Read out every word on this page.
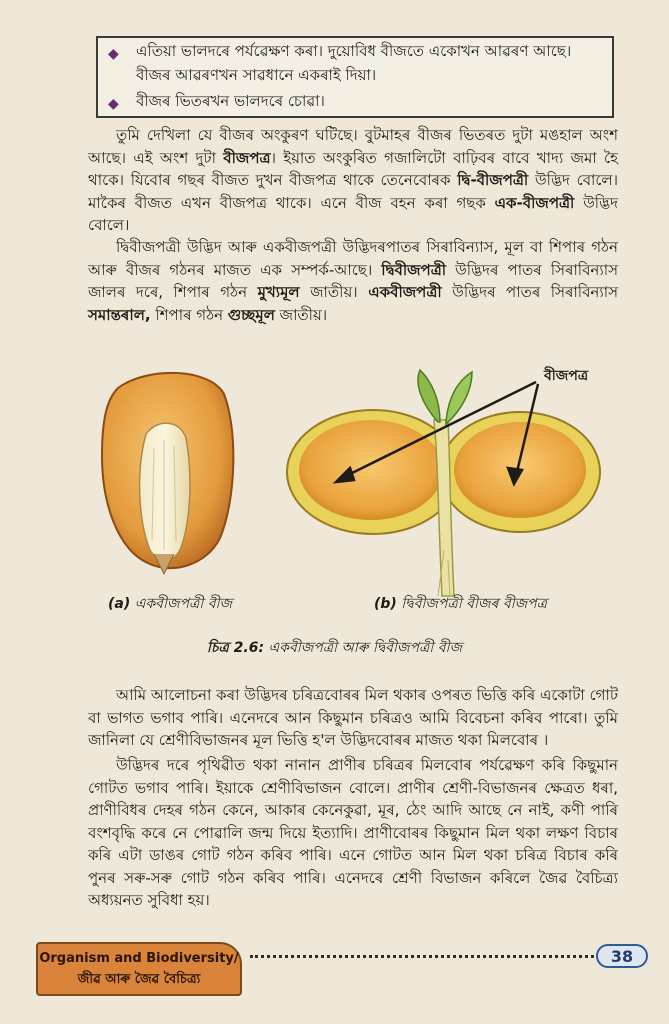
◆	এতিয়া ভালদৰে পৰ্যৱেক্ষণ কৰা। দুয়োবিধ বীজতে একোখন আৱৰণ আছে।
বীজৰ আৱৰণখন সাৱধানে একৰাই দিয়া।
◆	বীজৰ ভিতৰখন ভালদৰে চোৱা।

তুমি দেখিলা যে বীজৰ অংকুৰণ ঘটিছে। বুটমাহৰ বীজৰ ভিতৰত দুটা মঙহাল অংশ আছে। এই অংশ দুটা বীজপত্ৰ। ইয়াত অংকুৰিত গজালিটো বাঢ়িবৰ বাবে খাদ্য জমা হৈ থাকে। যিবোৰ গছৰ বীজত দুখন বীজপত্ৰ থাকে তেনেবোৰক দ্বি-বীজপত্ৰী উদ্ভিদ বোলে। মাকৈৰ বীজত এখন বীজপত্ৰ থাকে। এনে বীজ বহন কৰা গছক এক-বীজপত্ৰী উদ্ভিদ বোলে।

দ্বিবীজপত্ৰী উদ্ভিদ আৰু একবীজপত্ৰী উদ্ভিদৰপাতৰ সিৰাবিন্যাস, মূল বা শিপাৰ গঠন আৰু বীজৰ গঠনৰ মাজত এক সম্পৰ্ক-আছে। দ্বিবীজপত্ৰী উদ্ভিদৰ পাতৰ সিৰাবিন্যাস জালৰ দৰে, শিপাৰ গঠন মুখ্যমূল জাতীয়। একবীজপত্ৰী উদ্ভিদৰ পাতৰ সিৰাবিন্যাস সমান্তৰাল, শিপাৰ গঠন গুচ্ছমূল জাতীয়।

বীজপত্ৰ
(a) একবীজপত্ৰী বীজ	(b) দ্বিবীজপত্ৰী বীজৰ বীজপত্ৰ
চিত্ৰ 2.6: একবীজপত্ৰী আৰু দ্বিবীজপত্ৰী বীজ

আমি আলোচনা কৰা উদ্ভিদৰ চৰিত্ৰবোৰৰ মিল থকাৰ ওপৰত ভিত্তি কৰি একোটা গোট বা ভাগত ভগাব পাৰি। এনেদৰে আন কিছুমান চৰিত্ৰও আমি বিবেচনা কৰিব পাৰো। তুমি জানিলা যে শ্ৰেণীবিভাজনৰ মূল ভিত্তি হ'ল উদ্ভিদবোৰৰ মাজত থকা মিলবোৰ ।

উদ্ভিদৰ দৰে পৃথিৱীত থকা নানান প্ৰাণীৰ চৰিত্ৰৰ মিলবোৰ পৰ্যৱেক্ষণ কৰি কিছুমান গোটত ভগাব পাৰি। ইয়াকে শ্ৰেণীবিভাজন বোলে। প্ৰাণীৰ শ্ৰেণী-বিভাজনৰ ক্ষেত্ৰত ধৰা, প্ৰাণীবিধৰ দেহৰ গঠন কেনে, আকাৰ কেনেকুৱা, মূৰ, ঠেং আদি আছে নে নাই, কণী পাৰি বংশবৃদ্ধি কৰে নে পোৱালি জন্ম দিয়ে ইত্যাদি। প্ৰাণীবোৰৰ কিছুমান মিল থকা লক্ষণ বিচাৰ কৰি এটা ডাঙৰ গোট গঠন কৰিব পাৰি। এনে গোটত আন মিল থকা চৰিত্ৰ বিচাৰ কৰি পুনৰ সৰু-সৰু গোট গঠন কৰিব পাৰি। এনেদৰে শ্ৰেণী বিভাজন কৰিলে জৈৱ বৈচিত্ৰ্য অধ্যয়নত সুবিধা হয়।

Organism and Biodiversity/
জীৱ আৰু জৈৱ বৈচিত্ৰ্য
38
